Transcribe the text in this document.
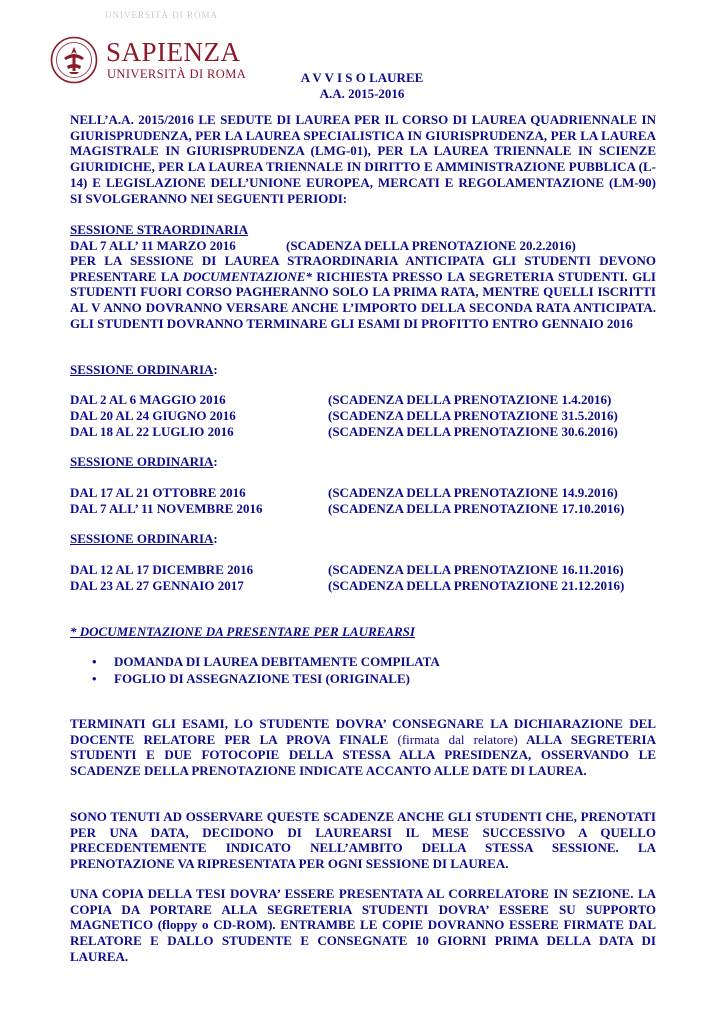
UNIVERSITÀ DI ROMA
SAPIENZA
UNIVERSITÀ DI ROMA	A V V I S O LAUREE
A.A. 2015-2016
NELL’A.A. 2015/2016 LE SEDUTE DI LAUREA PER IL CORSO DI LAUREA QUADRIENNALE IN GIURISPRUDENZA, PER LA LAUREA SPECIALISTICA IN GIURISPRUDENZA, PER LA LAUREA MAGISTRALE IN GIURISPRUDENZA (LMG-01), PER LA LAUREA TRIENNALE IN SCIENZE GIURIDICHE, PER LA LAUREA TRIENNALE IN DIRITTO E AMMINISTRAZIONE PUBBLICA (L-14) E LEGISLAZIONE DELL’UNIONE EUROPEA, MERCATI E REGOLAMENTAZIONE (LM-90) SI SVOLGERANNO NEI SEGUENTI PERIODI:
SESSIONE STRAORDINARIA
DAL 7 ALL’ 11 MARZO 2016	(SCADENZA DELLA PRENOTAZIONE 20.2.2016)
PER LA SESSIONE DI LAUREA STRAORDINARIA ANTICIPATA GLI STUDENTI DEVONO PRESENTARE LA DOCUMENTAZIONE* RICHIESTA PRESSO LA SEGRETERIA STUDENTI. GLI STUDENTI FUORI CORSO PAGHERANNO SOLO LA PRIMA RATA, MENTRE QUELLI ISCRITTI AL V ANNO DOVRANNO VERSARE ANCHE L’IMPORTO DELLA SECONDA RATA ANTICIPATA. GLI STUDENTI DOVRANNO TERMINARE GLI ESAMI DI PROFITTO ENTRO GENNAIO 2016
SESSIONE ORDINARIA:
DAL 2 AL 6 MAGGIO 2016	(SCADENZA DELLA PRENOTAZIONE 1.4.2016)
DAL 20 AL 24 GIUGNO 2016	(SCADENZA DELLA PRENOTAZIONE 31.5.2016)
DAL 18 AL 22 LUGLIO 2016	(SCADENZA DELLA PRENOTAZIONE 30.6.2016)
SESSIONE ORDINARIA:
DAL 17 AL 21 OTTOBRE 2016	(SCADENZA DELLA PRENOTAZIONE 14.9.2016)
DAL 7 ALL’ 11 NOVEMBRE 2016	(SCADENZA DELLA PRENOTAZIONE 17.10.2016)
SESSIONE ORDINARIA:
DAL 12 AL 17 DICEMBRE 2016	(SCADENZA DELLA PRENOTAZIONE 16.11.2016)
DAL 23 AL 27 GENNAIO 2017	(SCADENZA DELLA PRENOTAZIONE 21.12.2016)
* DOCUMENTAZIONE DA PRESENTARE PER LAUREARSI
• DOMANDA DI LAUREA DEBITAMENTE COMPILATA
• FOGLIO DI ASSEGNAZIONE TESI (ORIGINALE)
TERMINATI GLI ESAMI, LO STUDENTE DOVRA’ CONSEGNARE LA DICHIARAZIONE DEL DOCENTE RELATORE PER LA PROVA FINALE (firmata dal relatore) ALLA SEGRETERIA STUDENTI E DUE FOTOCOPIE DELLA STESSA ALLA PRESIDENZA, OSSERVANDO LE SCADENZE DELLA PRENOTAZIONE INDICATE ACCANTO ALLE DATE DI LAUREA.
SONO TENUTI AD OSSERVARE QUESTE SCADENZE ANCHE GLI STUDENTI CHE, PRENOTATI PER UNA DATA, DECIDONO DI LAUREARSI IL MESE SUCCESSIVO A QUELLO PRECEDENTEMENTE INDICATO NELL’AMBITO DELLA STESSA SESSIONE. LA PRENOTAZIONE VA RIPRESENTATA PER OGNI SESSIONE DI LAUREA.
UNA COPIA DELLA TESI DOVRA’ ESSERE PRESENTATA AL CORRELATORE IN SEZIONE. LA COPIA DA PORTARE ALLA SEGRETERIA STUDENTI DOVRA’ ESSERE SU SUPPORTO MAGNETICO (floppy o CD-ROM). ENTRAMBE LE COPIE DOVRANNO ESSERE FIRMATE DAL RELATORE E DALLO STUDENTE E CONSEGNATE 10 GIORNI PRIMA DELLA DATA DI LAUREA.
